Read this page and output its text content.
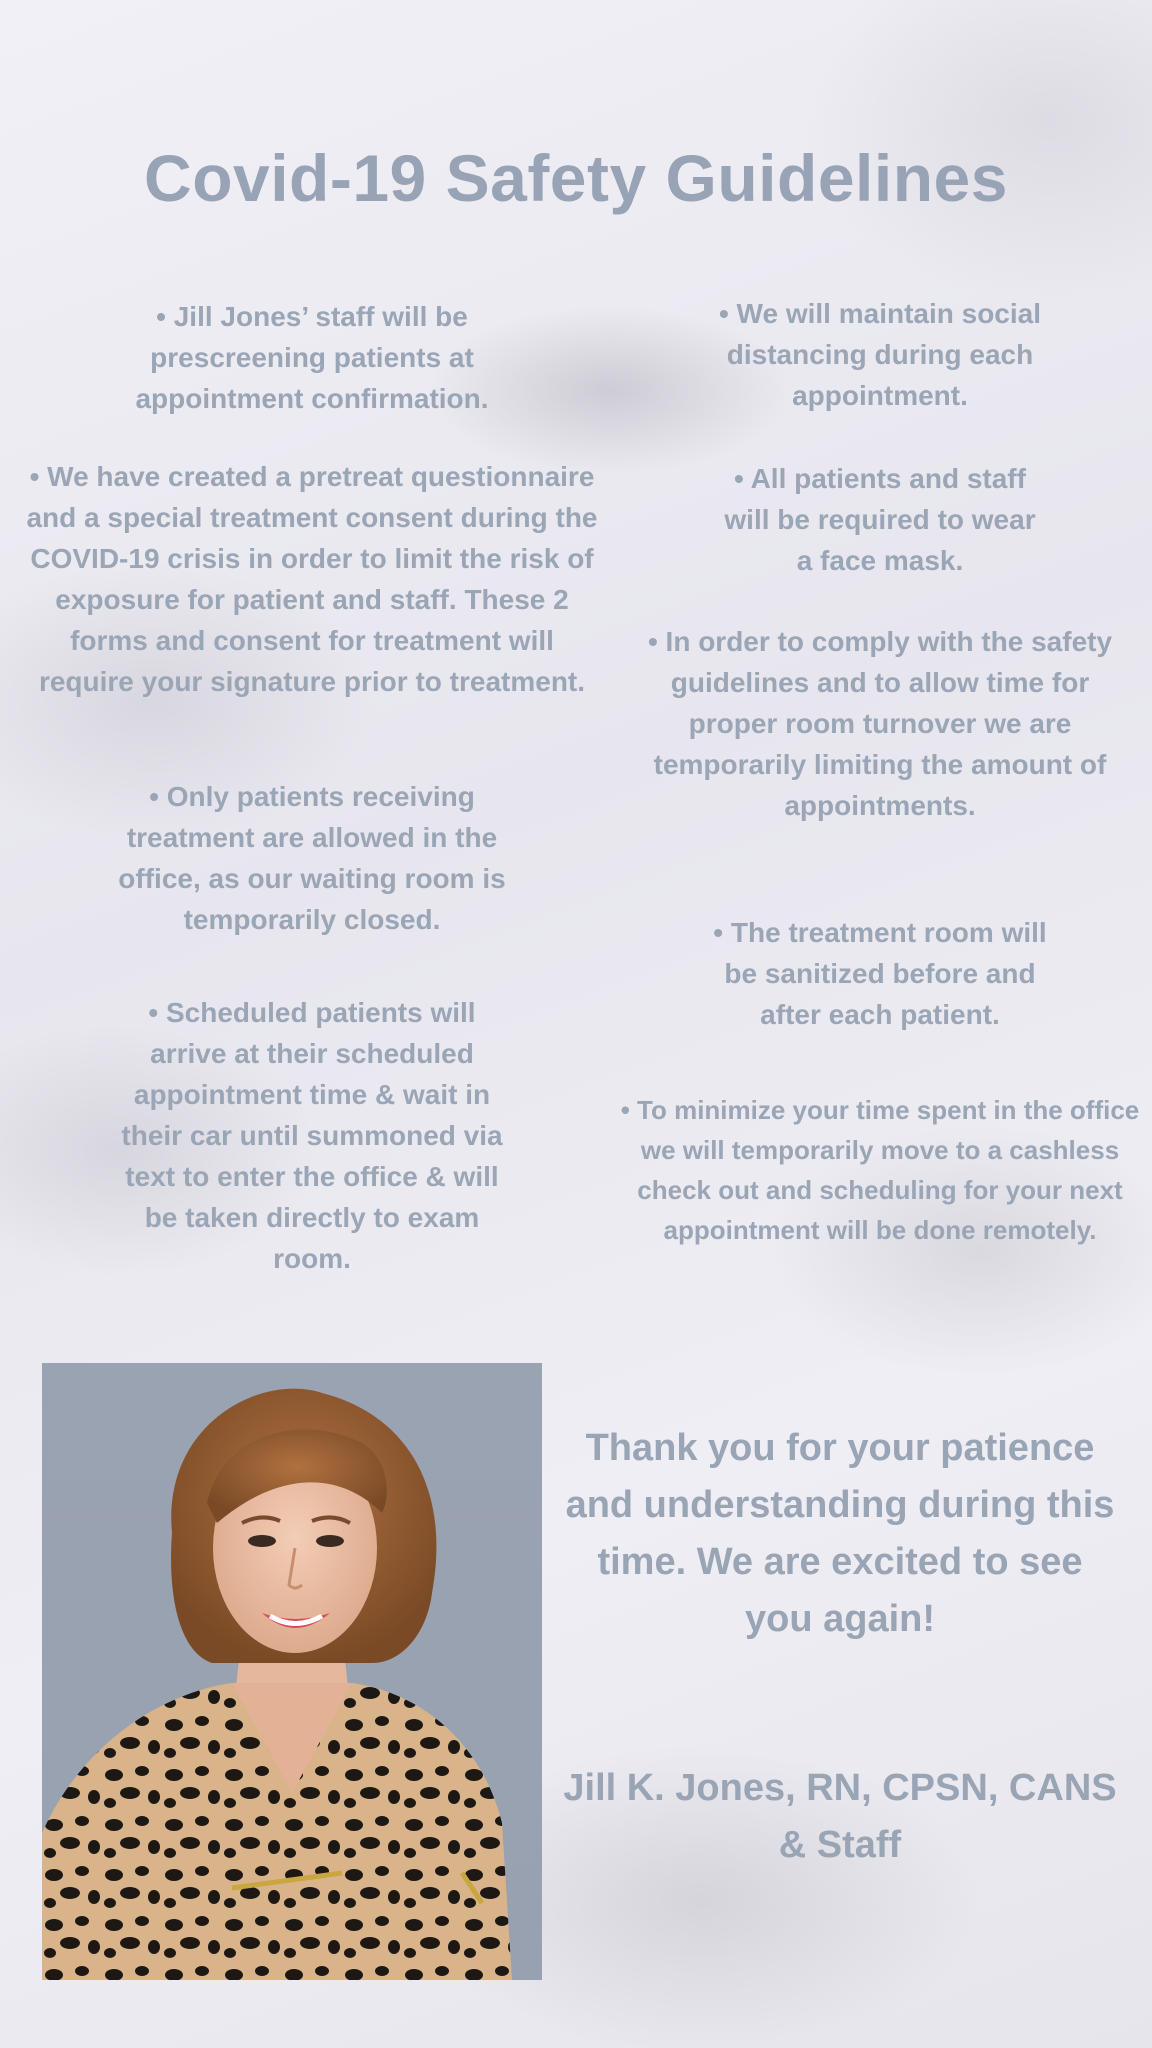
Covid-19 Safety Guidelines

• Jill Jones’ staff will be prescreening patients at appointment confirmation.

• We have created a pretreat questionnaire and a special treatment consent during the COVID-19 crisis in order to limit the risk of exposure for patient and staff. These 2 forms and consent for treatment will require your signature prior to treatment.

• Only patients receiving treatment are allowed in the office, as our waiting room is temporarily closed.

• Scheduled patients will arrive at their scheduled appointment time & wait in their car until summoned via text to enter the office & will be taken directly to exam room.

• We will maintain social distancing during each appointment.

• All patients and staff will be required to wear a face mask.

• In order to comply with the safety guidelines and to allow time for proper room turnover we are temporarily limiting the amount of appointments.

• The treatment room will be sanitized before and after each patient.

• To minimize your time spent in the office we will temporarily move to a cashless check out and scheduling for your next appointment will be done remotely.

Thank you for your patience and understanding during this time. We are excited to see you again!
Jill K. Jones, RN, CPSN, CANS & Staff
